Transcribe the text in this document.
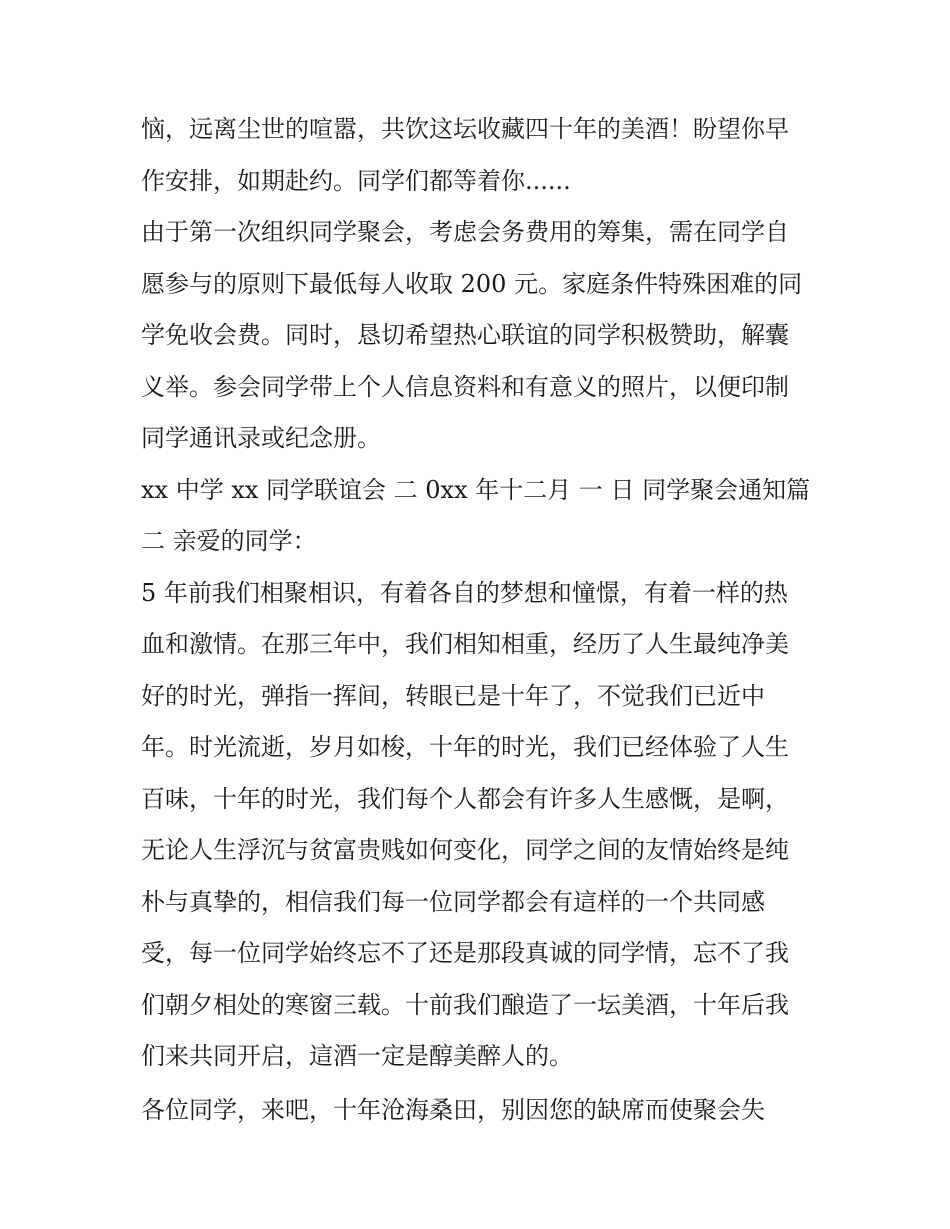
恼，远离尘世的喧嚣，共饮这坛收藏四十年的美酒！盼望你早
作安排，如期赴约。同学们都等着你......
由于第一次组织同学聚会，考虑会务费用的筹集，需在同学自
愿参与的原则下最低每人收取 200 元。家庭条件特殊困难的同
学免收会费。同时，恳切希望热心联谊的同学积极赞助，解囊
义举。参会同学带上个人信息资料和有意义的照片，以便印制
同学通讯录或纪念册。
xx 中学 xx 同学联谊会 二 0xx 年十二月 一 日 同学聚会通知篇
二 亲爱的同学：
5 年前我们相聚相识，有着各自的梦想和憧憬，有着一样的热
血和激情。在那三年中，我们相知相重，经历了人生最纯净美
好的时光，弹指一挥间，转眼已是十年了，不觉我们已近中
年。时光流逝，岁月如梭，十年的时光，我们已经体验了人生
百味，十年的时光，我们每个人都会有许多人生感慨，是啊，
无论人生浮沉与贫富贵贱如何变化，同学之间的友情始终是纯
朴与真挚的，相信我们每一位同学都会有這样的一个共同感
受，每一位同学始终忘不了还是那段真诚的同学情，忘不了我
们朝夕相处的寒窗三载。十前我们酿造了一坛美酒，十年后我
们来共同开启，這酒一定是醇美醉人的。
各位同学，来吧，十年沧海桑田，别因您的缺席而使聚会失
